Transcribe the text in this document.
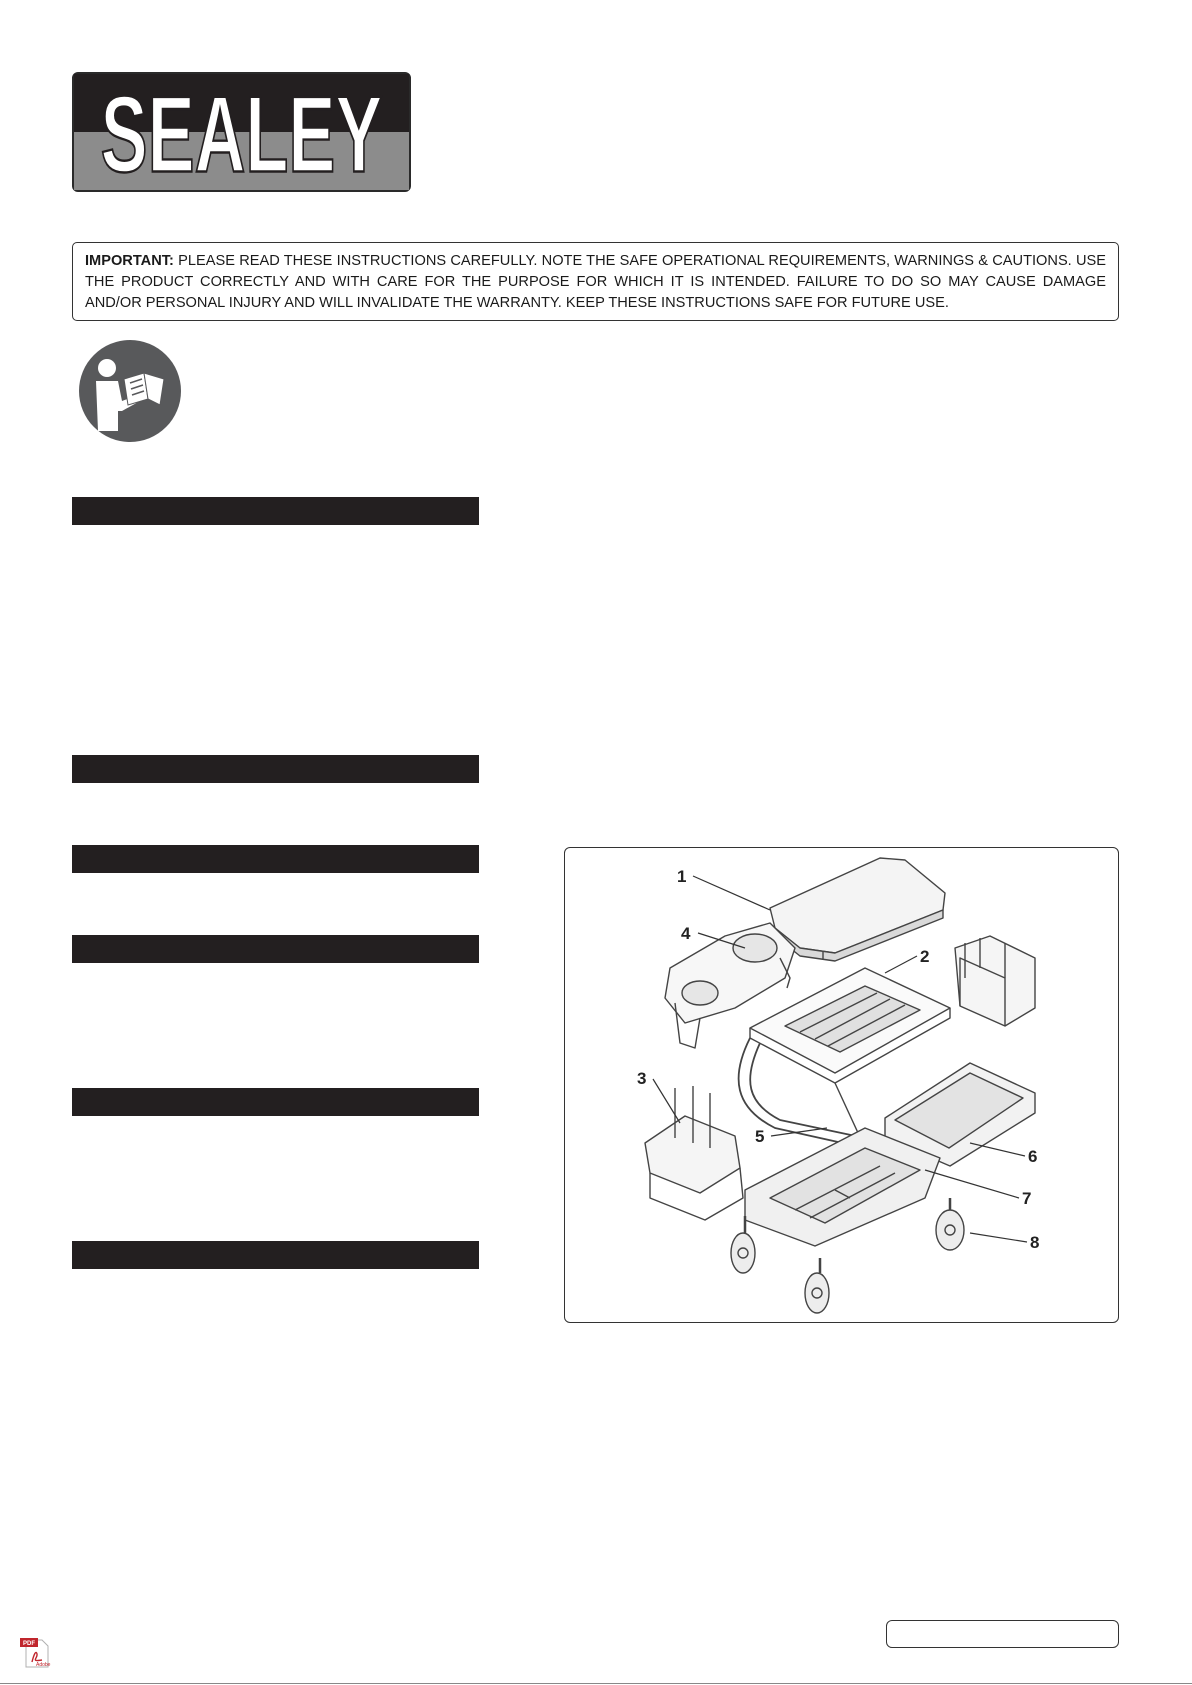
SEALEY
IMPORTANT: PLEASE READ THESE INSTRUCTIONS CAREFULLY. NOTE THE SAFE OPERATIONAL REQUIREMENTS, WARNINGS & CAUTIONS. USE THE PRODUCT CORRECTLY AND WITH CARE FOR THE PURPOSE FOR WHICH IT IS INTENDED. FAILURE TO DO SO MAY CAUSE DAMAGE AND/OR PERSONAL INJURY AND WILL INVALIDATE THE WARRANTY. KEEP THESE INSTRUCTIONS SAFE FOR FUTURE USE.
1
2
3
4
5
6
7
8
PDF
Adobe
